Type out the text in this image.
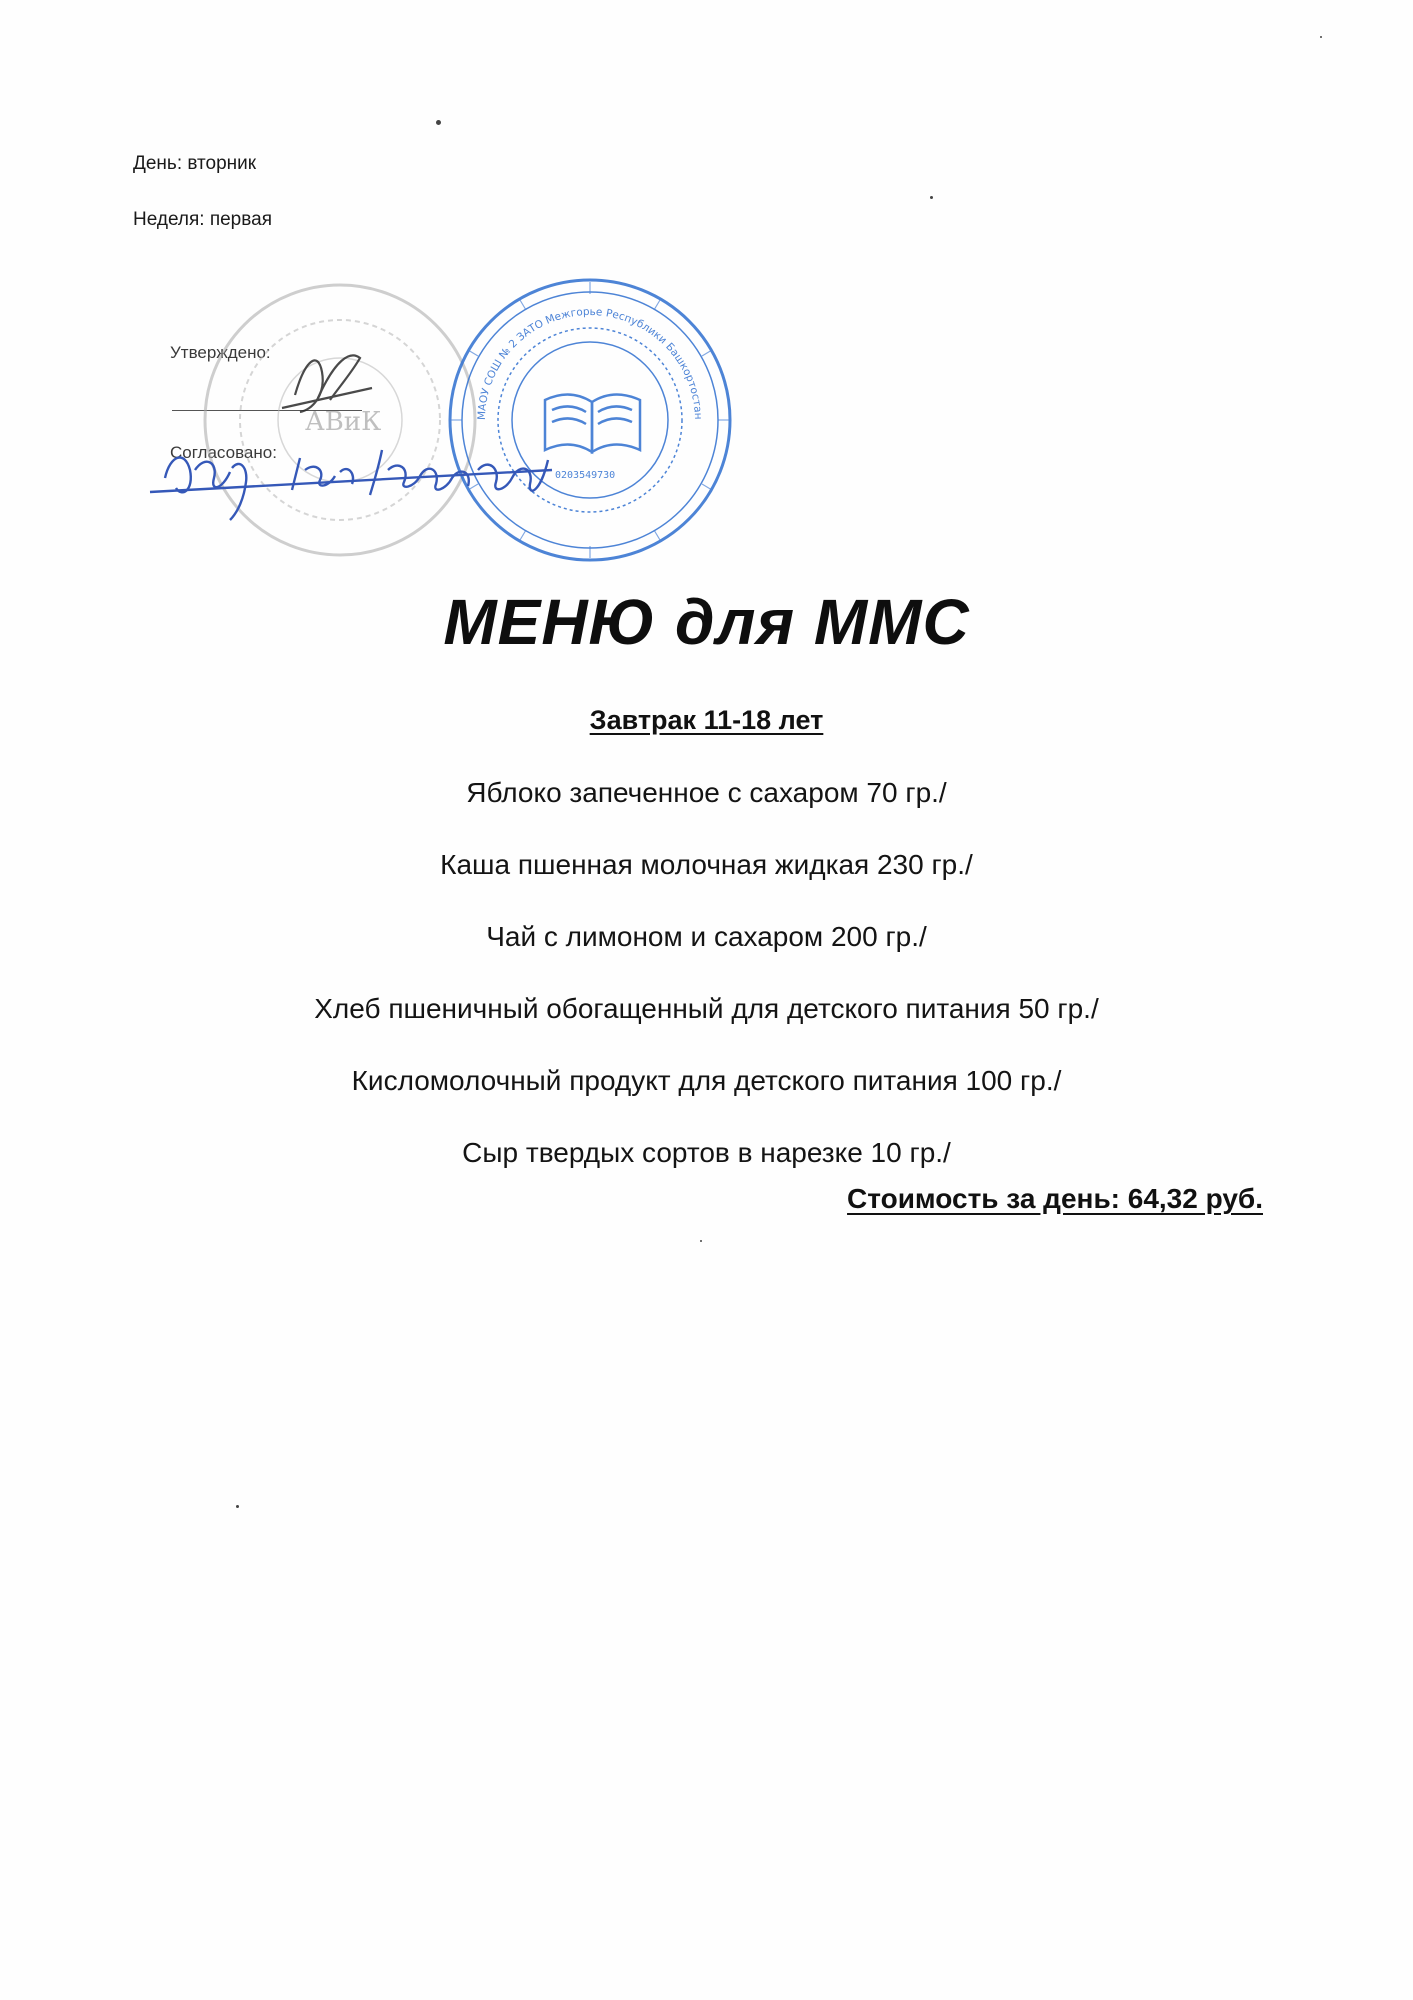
День: вторник
Неделя: первая
Утверждено:
Согласовано:
АВиК	МАОУ СОШ № 2 ЗАТО Межгорье Республики Башкортостан
0203549730
Ю.И. Головина
МЕНЮ для ММС
Завтрак 11-18 лет
Яблоко запеченное с сахаром 70 гр./
Каша пшенная молочная жидкая 230 гр./
Чай с лимоном и сахаром 200 гр./
Хлеб пшеничный обогащенный для детского питания 50 гр./
Кисломолочный продукт для детского питания 100 гр./
Сыр твердых сортов в нарезке 10 гр./
Стоимость за день: 64,32 руб.
